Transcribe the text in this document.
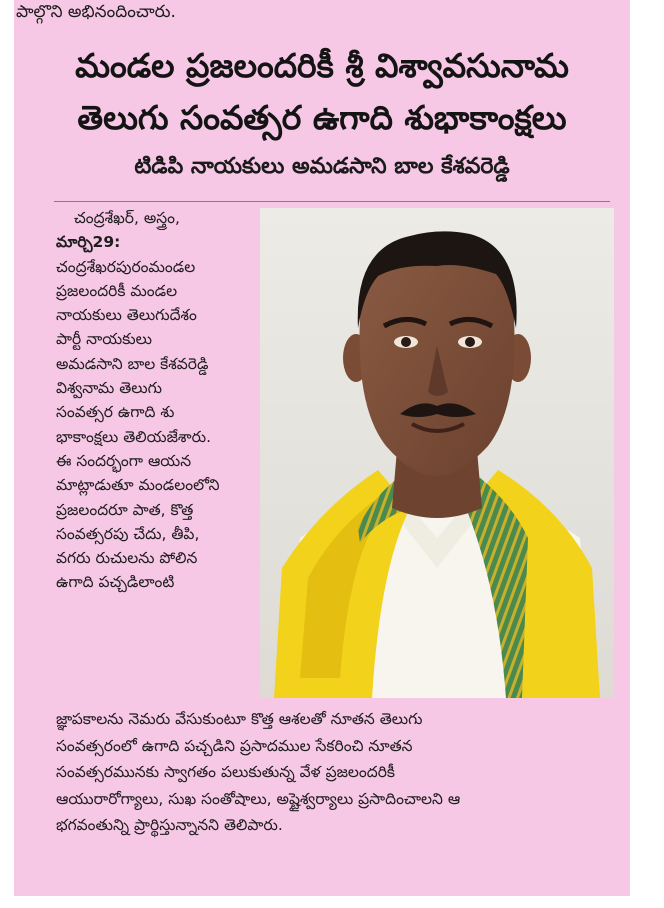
పాల్గొని అభినందించారు.
మండల ప్రజలందరికీ శ్రీ విశ్వావసునామ
తెలుగు సంవత్సర ఉగాది శుభాకాంక్షలు
టిడిపి నాయకులు అమడసాని బాల కేశవరెడ్డి
చంద్రశేఖర్, అస్త్రం,
మార్చి29:
చంద్రశేఖరపురంమండల
ప్రజలందరికీ మండల
నాయకులు తెలుగుదేశం
పార్టీ నాయకులు
అమడసాని బాల కేశవరెడ్డి
విశ్వనామ తెలుగు
సంవత్సర ఉగాది శు
భాకాంక్షలు తెలియజేశారు.
ఈ సందర్భంగా ఆయన
మాట్లాడుతూ మండలంలోని
ప్రజలందరూ పాత, కొత్త
సంవత్సరపు చేదు, తీపి,
వగరు రుచులను పోలిన
ఉగాది పచ్చడిలాంటి
జ్ఞాపకాలను నెమరు వేసుకుంటూ కొత్త ఆశలతో నూతన తెలుగు
సంవత్సరంలో ఉగాది పచ్చడిని ప్రసాదముల సేకరించి నూతన
సంవత్సరమునకు స్వాగతం పలుకుతున్న వేళ ప్రజలందరికీ
ఆయురారోగ్యాలు, సుఖ సంతోషాలు, అష్టైశ్వర్యాలు ప్రసాదించాలని ఆ
భగవంతున్ని ప్రార్థిస్తున్నానని తెలిపారు.
